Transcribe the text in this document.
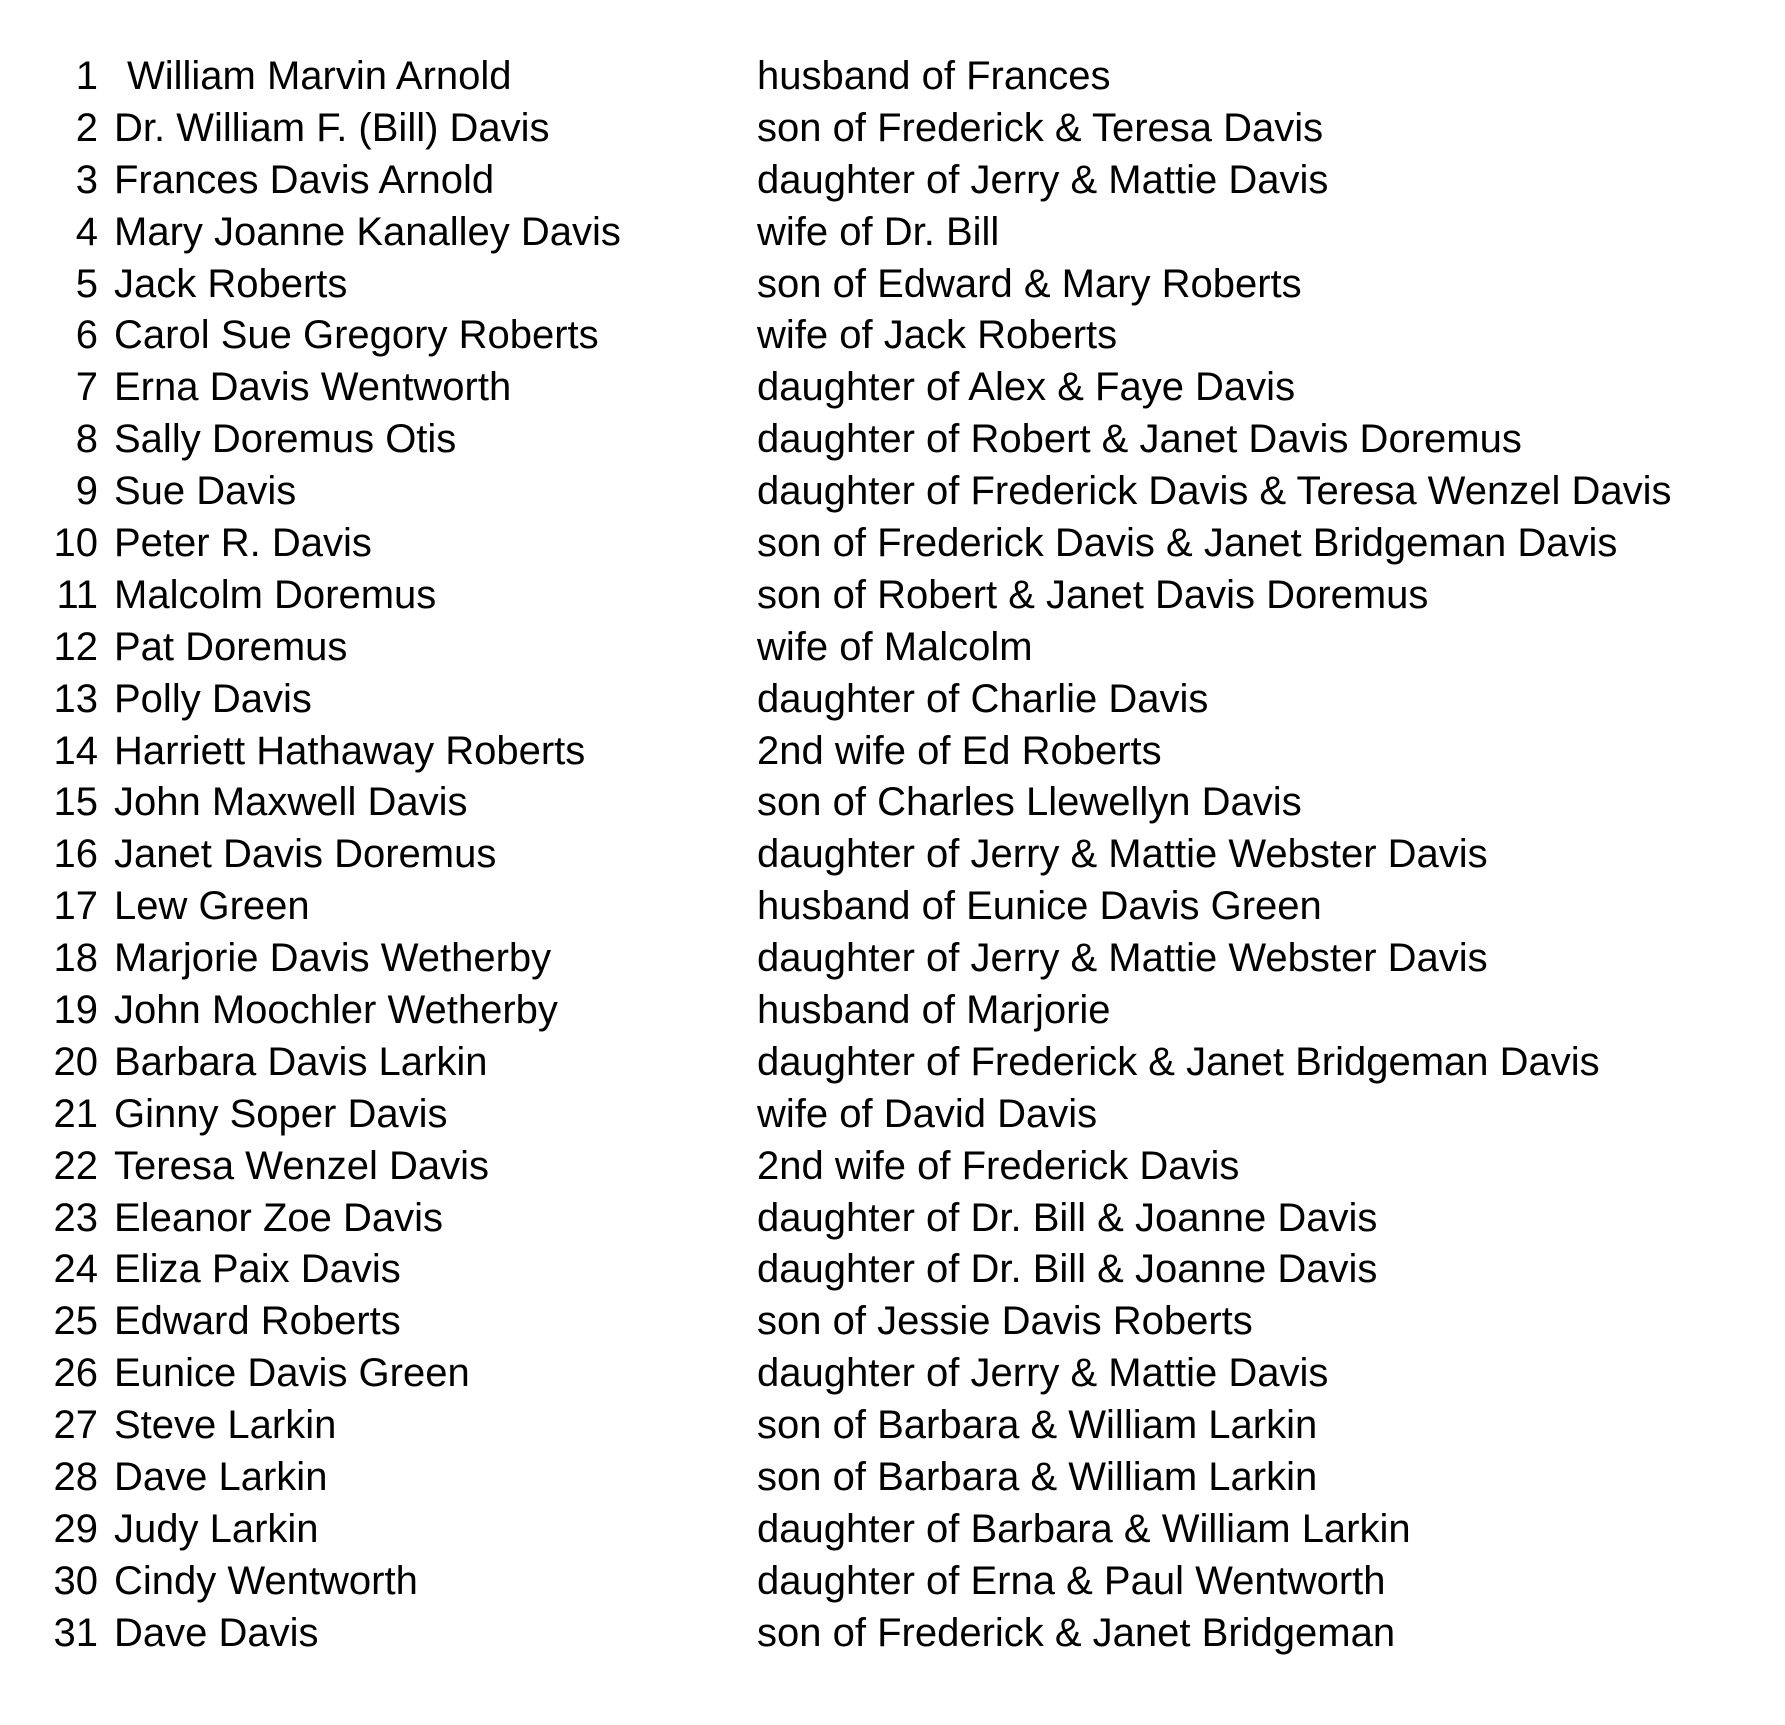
1 William Marvin Arnold	husband of Frances
2 Dr. William F. (Bill) Davis	son of Frederick & Teresa Davis
3 Frances Davis Arnold	daughter of Jerry & Mattie Davis
4 Mary Joanne Kanalley Davis	wife of Dr. Bill
5 Jack Roberts	son of Edward & Mary Roberts
6 Carol Sue Gregory Roberts	wife of Jack Roberts
7 Erna Davis Wentworth	daughter of Alex & Faye Davis
8 Sally Doremus Otis	daughter of Robert & Janet Davis Doremus
9 Sue Davis	daughter of Frederick Davis & Teresa Wenzel Davis
10 Peter R. Davis	son of Frederick Davis & Janet Bridgeman Davis
11 Malcolm Doremus	son of Robert & Janet Davis Doremus
12 Pat Doremus	wife of Malcolm
13 Polly Davis	daughter of Charlie Davis
14 Harriett Hathaway Roberts	2nd wife of Ed Roberts
15 John Maxwell Davis	son of Charles Llewellyn Davis
16 Janet Davis Doremus	daughter of Jerry & Mattie Webster Davis
17 Lew Green	husband of Eunice Davis Green
18 Marjorie Davis Wetherby	daughter of Jerry & Mattie Webster Davis
19 John Moochler Wetherby	husband of Marjorie
20 Barbara Davis Larkin	daughter of Frederick & Janet Bridgeman Davis
21 Ginny Soper Davis	wife of David Davis
22 Teresa Wenzel Davis	2nd wife of Frederick Davis
23 Eleanor Zoe Davis	daughter of Dr. Bill & Joanne Davis
24 Eliza Paix Davis	daughter of Dr. Bill & Joanne Davis
25 Edward Roberts	son of Jessie Davis Roberts
26 Eunice Davis Green	daughter of Jerry & Mattie Davis
27 Steve Larkin	son of Barbara & William Larkin
28 Dave Larkin	son of Barbara & William Larkin
29 Judy Larkin	daughter of Barbara & William Larkin
30 Cindy Wentworth	daughter of Erna & Paul Wentworth
31 Dave Davis	son of Frederick & Janet Bridgeman
